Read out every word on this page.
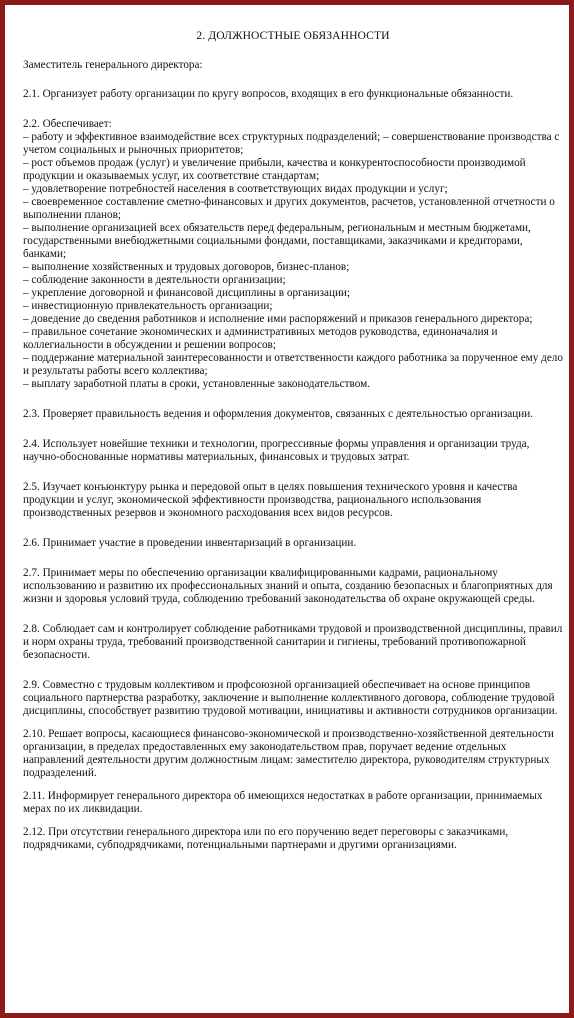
2. ДОЛЖНОСТНЫЕ ОБЯЗАННОСТИ
Заместитель генерального директора:
2.1. Организует работу организации по кругу вопросов, входящих в его функциональные обязанности.
2.2. Обеспечивает:
– работу и эффективное взаимодействие всех структурных подразделений; – совершенствование производства с учетом социальных и рыночных приоритетов;
– рост объемов продаж (услуг) и увеличение прибыли, качества и конкурентоспособности производимой продукции и оказываемых услуг, их соответствие стандартам;
– удовлетворение потребностей населения в соответствующих видах продукции и услуг;
– своевременное составление сметно-финансовых и других документов, расчетов, установленной отчетности о выполнении планов;
– выполнение организацией всех обязательств перед федеральным, региональным и местным бюджетами, государственными внебюджетными социальными фондами, поставщиками, заказчиками и кредиторами, банками;
– выполнение хозяйственных и трудовых договоров, бизнес-планов;
– соблюдение законности в деятельности организации;
– укрепление договорной и финансовой дисциплины в организации;
– инвестиционную привлекательность организации;
– доведение до сведения работников и исполнение ими распоряжений и приказов генерального директора;
– правильное сочетание экономических и административных методов руководства, единоначалия и коллегиальности в обсуждении и решении вопросов;
– поддержание материальной заинтересованности и ответственности каждого работника за порученное ему дело и результаты работы всего коллектива;
– выплату заработной платы в сроки, установленные законодательством.
2.3. Проверяет правильность ведения и оформления документов, связанных с деятельностью организации.
2.4. Использует новейшие техники и технологии, прогрессивные формы управления и организации труда, научно-обоснованные нормативы материальных, финансовых и трудовых затрат.
2.5. Изучает конъюнктуру рынка и передовой опыт в целях повышения технического уровня и качества продукции и услуг, экономической эффективности производства, рационального использования производственных резервов и экономного расходования всех видов ресурсов.
2.6. Принимает участие в проведении инвентаризаций в организации.
2.7. Принимает меры по обеспечению организации квалифицированными кадрами, рациональному использованию и развитию их профессиональных знаний и опыта, созданию безопасных и благоприятных для жизни и здоровья условий труда, соблюдению требований законодательства об охране окружающей среды.
2.8. Соблюдает сам и контролирует соблюдение работниками трудовой и производственной дисциплины, правил и норм охраны труда, требований производственной санитарии и гигиены, требований противопожарной безопасности.
2.9. Совместно с трудовым коллективом и профсоюзной организацией обеспечивает на основе принципов социального партнерства разработку, заключение и выполнение коллективного договора, соблюдение трудовой дисциплины, способствует развитию трудовой мотивации, инициативы и активности сотрудников организации.
2.10. Решает вопросы, касающиеся финансово-экономической и производственно-хозяйственной деятельности организации, в пределах предоставленных ему законодательством прав, поручает ведение отдельных направлений деятельности другим должностным лицам: заместителю директора, руководителям структурных подразделений.
2.11. Информирует генерального директора об имеющихся недостатках в работе организации, принимаемых мерах по их ликвидации.
2.12. При отсутствии генерального директора или по его поручению ведет переговоры с заказчиками, подрядчиками, субподрядчиками, потенциальными партнерами и другими организациями.
